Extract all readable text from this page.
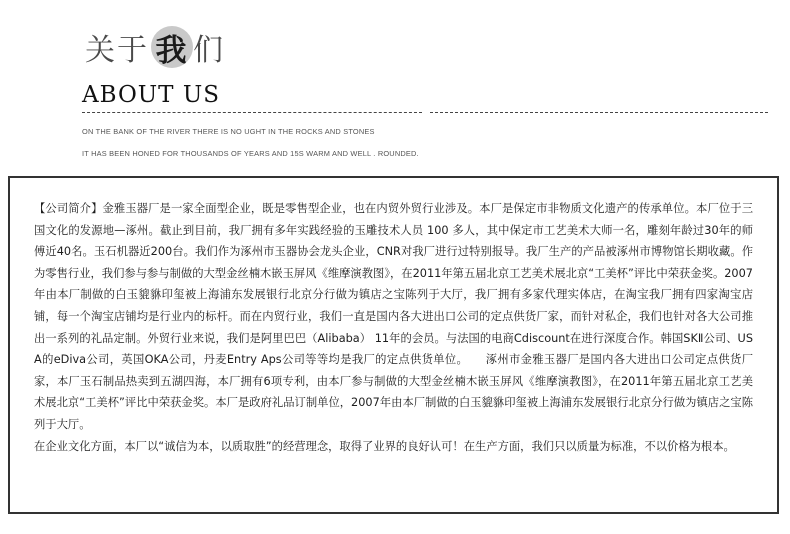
关于 我 们
ABOUT US
ON THE BANK OF THE RIVER THERE IS NO UGHT IN THE ROCKS AND STONES
IT HAS BEEN HONED FOR THOUSANDS OF YEARS AND 15S WARM AND WELL . ROUNDED.

【公司简介】金雅玉器厂是一家全面型企业，既是零售型企业，也在内贸外贸行业涉及。本厂是保定市非物质文化遗产的传承单位。本厂位于三国文化的发源地—涿州。截止到目前，我厂拥有多年实践经验的玉雕技术人员 100 多人，其中保定市工艺美术大师一名，雕刻年龄过30年的师傅近40名。玉石机器近200台。我们作为涿州市玉器协会龙头企业，CNR对我厂进行过特别报导。我厂生产的产品被涿州市博物馆长期收藏。作为零售行业，我们参与参与制做的大型金丝楠木嵌玉屏风《维摩演教图》，在2011年第五届北京工艺美术展北京“工美杯”评比中荣获金奖。2007年由本厂制做的白玉貔貅印玺被上海浦东发展银行北京分行做为镇店之宝陈列于大厅，我厂拥有多家代理实体店，在淘宝我厂拥有四家淘宝店铺，每一个淘宝店铺均是行业内的标杆。而在内贸行业，我们一直是国内各大进出口公司的定点供货厂家，而针对私企，我们也针对各大公司推出一系列的礼品定制。外贸行业来说，我们是阿里巴巴（Alibaba） 11年的会员。与法国的电商Cdiscount在进行深度合作。韩国SKⅡ公司、USA的eDiva公司，英国OKA公司，丹麦Entry Aps公司等等均是我厂的定点供货单位。　　涿州市金雅玉器厂是国内各大进出口公司定点供货厂家，本厂玉石制品热卖到五湖四海，本厂拥有6项专利，由本厂参与制做的大型金丝楠木嵌玉屏风《维摩演教图》，在2011年第五届北京工艺美术展北京“工美杯”评比中荣获金奖。本厂是政府礼品订制单位，2007年由本厂制做的白玉貔貅印玺被上海浦东发展银行北京分行做为镇店之宝陈列于大厅。

在企业文化方面，本厂以“诚信为本，以质取胜”的经营理念，取得了业界的良好认可！在生产方面，我们只以质量为标准，不以价格为根本。
